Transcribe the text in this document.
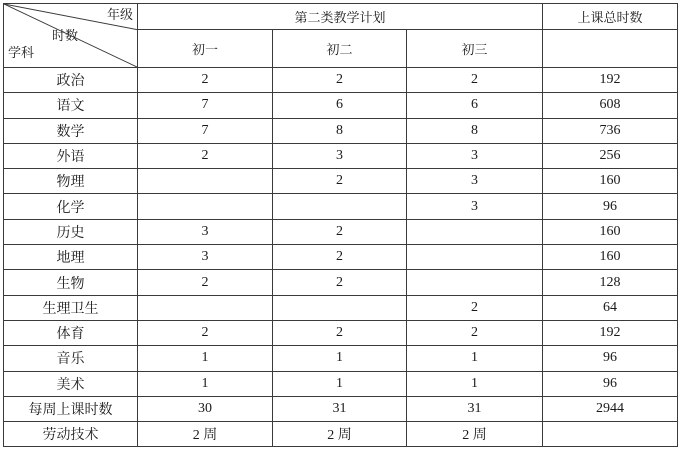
年级
时数
学科	第二类教学计划			上课总时数
	初一	初二	初三	
政治	2	2	2	192
语文	7	6	6	608
数学	7	8	8	736
外语	2	3	3	256
物理		2	3	160
化学			3	96
历史	3	2		160
地理	3	2		160
生物	2	2		128
生理卫生			2	64
体育	2	2	2	192
音乐	1	1	1	96
美术	1	1	1	96
每周上课时数	30	31	31	2944
劳动技术	2 周	2 周	2 周	
